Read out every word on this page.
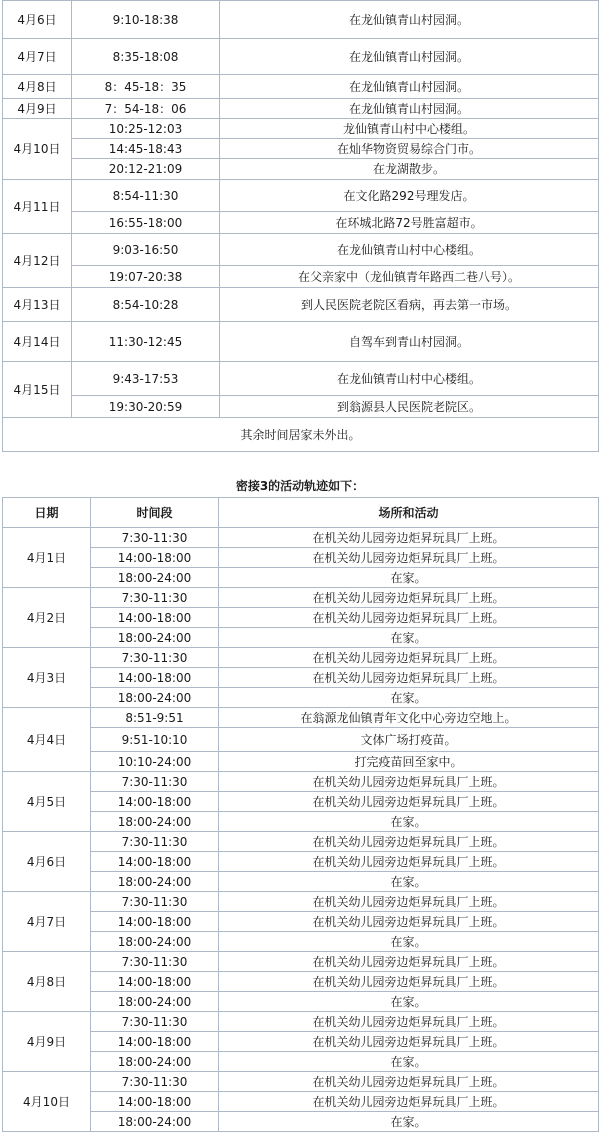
4月6日	9:10-18:38	在龙仙镇青山村园洞。
4月7日	8:35-18:08	在龙仙镇青山村园洞。
4月8日	8：45-18：35	在龙仙镇青山村园洞。
4月9日	7：54-18：06	在龙仙镇青山村园洞。
4月10日	10:25-12:03	龙仙镇青山村中心楼组。
	14:45-18:43	在灿华物资贸易综合门市。
	20:12-21:09	在龙湖散步。
4月11日	8:54-11:30	在文化路292号理发店。
	16:55-18:00	在环城北路72号胜富超市。
4月12日	9:03-16:50	在龙仙镇青山村中心楼组。
	19:07-20:38	在父亲家中（龙仙镇青年路西二巷八号）。
4月13日	8:54-10:28	到人民医院老院区看病，再去第一市场。
4月14日	11:30-12:45	自驾车到青山村园洞。
4月15日	9:43-17:53	在龙仙镇青山村中心楼组。
	19:30-20:59	到翁源县人民医院老院区。
其余时间居家未外出。		
密接3的活动轨迹如下：
日期	时间段	场所和活动
4月1日	7:30-11:30	在机关幼儿园旁边炬昇玩具厂上班。
	14:00-18:00	在机关幼儿园旁边炬昇玩具厂上班。
	18:00-24:00	在家。
4月2日	7:30-11:30	在机关幼儿园旁边炬昇玩具厂上班。
	14:00-18:00	在机关幼儿园旁边炬昇玩具厂上班。
	18:00-24:00	在家。
4月3日	7:30-11:30	在机关幼儿园旁边炬昇玩具厂上班。
	14:00-18:00	在机关幼儿园旁边炬昇玩具厂上班。
	18:00-24:00	在家。
4月4日	8:51-9:51	在翁源龙仙镇青年文化中心旁边空地上。
	9:51-10:10	文体广场打疫苗。
	10:10-24:00	打完疫苗回至家中。
4月5日	7:30-11:30	在机关幼儿园旁边炬昇玩具厂上班。
	14:00-18:00	在机关幼儿园旁边炬昇玩具厂上班。
	18:00-24:00	在家。
4月6日	7:30-11:30	在机关幼儿园旁边炬昇玩具厂上班。
	14:00-18:00	在机关幼儿园旁边炬昇玩具厂上班。
	18:00-24:00	在家。
4月7日	7:30-11:30	在机关幼儿园旁边炬昇玩具厂上班。
	14:00-18:00	在机关幼儿园旁边炬昇玩具厂上班。
	18:00-24:00	在家。
4月8日	7:30-11:30	在机关幼儿园旁边炬昇玩具厂上班。
	14:00-18:00	在机关幼儿园旁边炬昇玩具厂上班。
	18:00-24:00	在家。
4月9日	7:30-11:30	在机关幼儿园旁边炬昇玩具厂上班。
	14:00-18:00	在机关幼儿园旁边炬昇玩具厂上班。
	18:00-24:00	在家。
4月10日	7:30-11:30	在机关幼儿园旁边炬昇玩具厂上班。
	14:00-18:00	在机关幼儿园旁边炬昇玩具厂上班。
	18:00-24:00	在家。
